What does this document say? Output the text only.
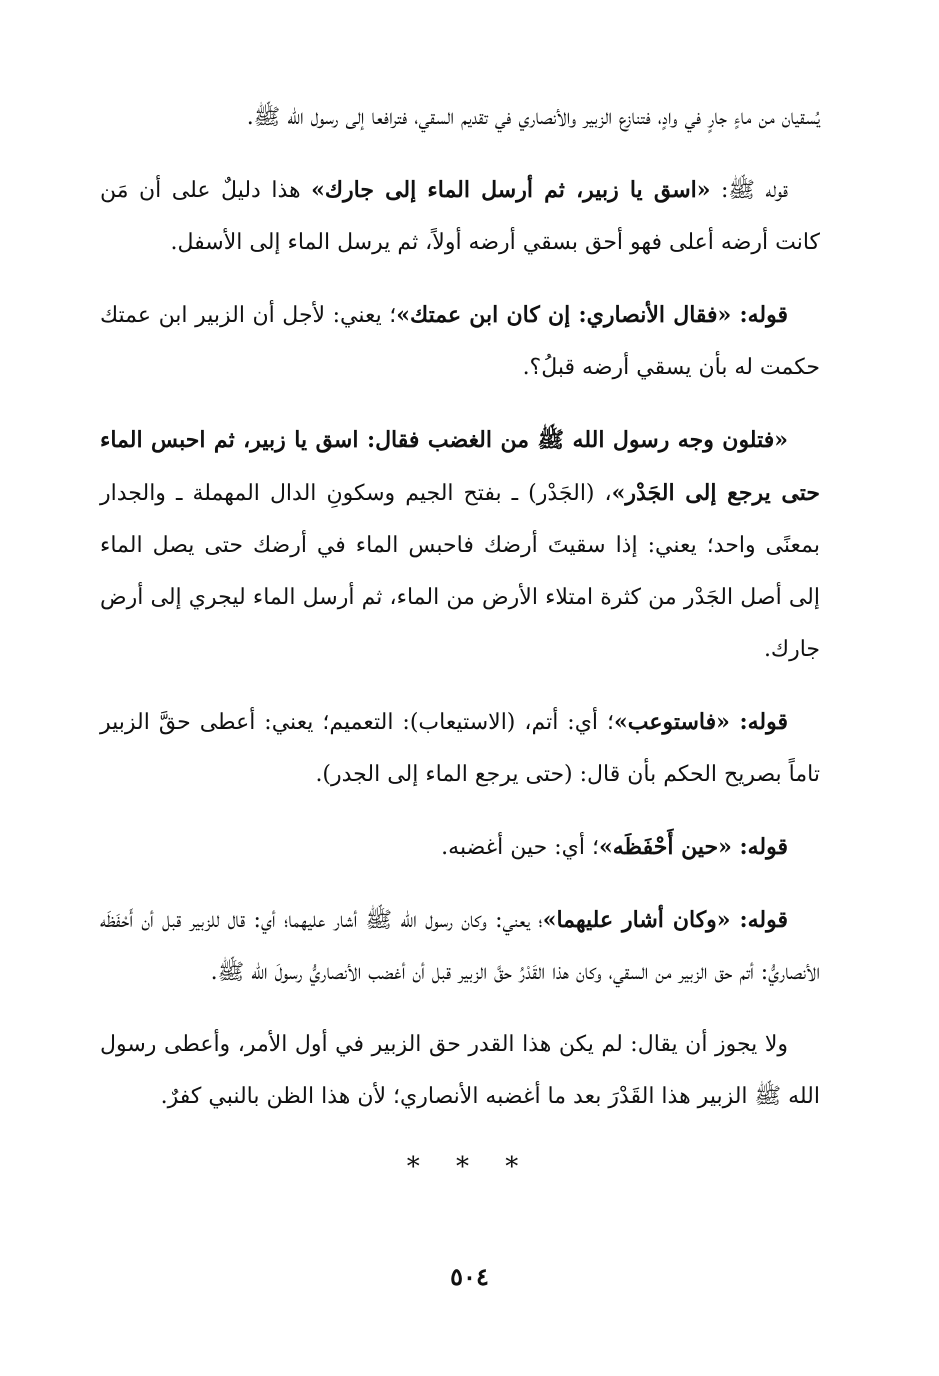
يُسقيان من ماءٍ جارٍ في وادٍ، فتنازع الزبير والأنصاري في تقديم السقي، فترافعا إلى رسول الله ﷺ.

قوله ﷺ: «اسق يا زبير، ثم أرسل الماء إلى جارك» هذا دليلٌ على أن مَن كانت أرضه أعلى فهو أحق بسقي أرضه أولاً، ثم يرسل الماء إلى الأسفل.

قوله: «فقال الأنصاري: إن كان ابن عمتك»؛ يعني: لأجل أن الزبير ابن عمتك حكمت له بأن يسقي أرضه قبلُ؟.

«فتلون وجه رسول الله ﷺ من الغضب فقال: اسق يا زبير، ثم احبس الماء حتى يرجع إلى الجَدْر»، (الجَدْر) ـ بفتح الجيم وسكونِ الدال المهملة ـ والجدار بمعنًى واحد؛ يعني: إذا سقيتَ أرضك فاحبس الماء في أرضك حتى يصل الماء إلى أصل الجَدْر من كثرة امتلاء الأرض من الماء، ثم أرسل الماء ليجري إلى أرض جارك.

قوله: «فاستوعب»؛ أي: أتم، (الاستيعاب): التعميم؛ يعني: أعطى حقَّ الزبير تاماً بصريح الحكم بأن قال: (حتى يرجع الماء إلى الجدر).

قوله: «حين أَحْفَظَه»؛ أي: حين أغضبه.

قوله: «وكان أشار عليهما»؛ يعني: وكان رسول الله ﷺ أشار عليهما؛ أي: قال للزبير قبل أن أَحْفَظَه الأنصاريُّ: أتم حق الزبير من السقي، وكان هذا القَدْرُ حقَّ الزبير قبل أن أغضب الأنصاريُّ رسولَ الله ﷺ.

ولا يجوز أن يقال: لم يكن هذا القدر حق الزبير في أول الأمر، وأعطى رسول الله ﷺ الزبير هذا القَدْرَ بعد ما أغضبه الأنصاري؛ لأن هذا الظن بالنبي كفرٌ.

* * *
٥٠٤
